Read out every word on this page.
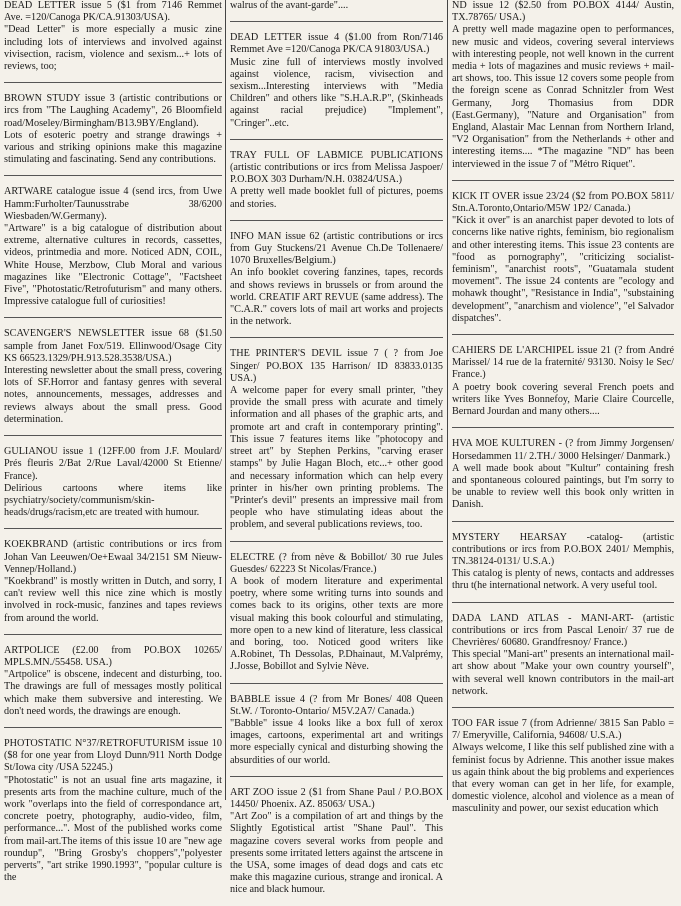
DEAD LETTER issue 5 ($1 from 7146 Remmet Ave. =120/Canoga PK/CA.91303/USA).
"Dead Letter" is more especially a music zine including lots of interviews and involved against vivisection, racism, violence and sexism...+ lots of reviews, too;
BROWN STUDY issue 3 (artistic contributions or ircs from "The Laughing Academy", 26 Bloomfield road/Moseley/Birmingham/B13.9BY/England).
Lots of esoteric poetry and strange drawings + various and striking opinions make this magazine stimulating and fascinating. Send any contributions.
ARTWARE catalogue issue 4 (send ircs, from Uwe Hamm:Furholter/Taunusstrabe 38/6200 Wiesbaden/W.Germany).
"Artware" is a big catalogue of distribution about extreme, alternative cultures in records, cassettes, videos, printmedia and more. Noticed ADN, COIL, White House, Merzbow, Club Moral and various magazines like "Electronic Cottage", "Factsheet Five", "Photostatic/Retrofuturism" and many others. Impressive catalogue full of curiosities!
SCAVENGER'S NEWSLETTER issue 68 ($1.50 sample from Janet Fox/519. Ellinwood/Osage City KS 66523.1329/PH.913.528.3538/USA.)
Interesting newsletter about the small press, covering lots of SF.Horror and fantasy genres with several notes, announcements, messages, addresses and reviews always about the small press. Good determination.
GULIANOU issue 1 (12FF.00 from J.F. Moulard/ Prés fleuris 2/Bat 2/Rue Laval/42000 St Etienne/ France).
Delirious cartoons where items like psychiatry/society/communism/skin-heads/drugs/racism,etc are treated with humour.
KOEKBRAND (artistic contributions or ircs from Johan Van Leeuwen/Oe+Ewaal 34/2151 SM Nieuw-Vennep/Holland.)
"Koekbrand" is mostly written in Dutch, and sorry, I can't review well this nice zine which is mostly involved in rock-music, fanzines and tapes reviews from around the world.
ARTPOLICE (£2.00 from PO.BOX 10265/ MPLS.MN./55458. USA.)
"Artpolice" is obscene, indecent and disturbing, too. The drawings are full of messages mostly political which make them subversive and interesting. We don't need words, the drawings are enough.
PHOTOSTATIC N°37/RETROFUTURISM issue 10 ($8 for one year from Lloyd Dunn/911 North Dodge St/Iowa city /USA 52245.)
"Photostatic" is not an usual fine arts magazine, it presents arts from the machine culture, much of the work "overlaps into the field of correspondance art, concrete poetry, photography, audio-video, film, performance...". Most of the published works come from mail-art.The items of this issue 10 are "new age roundup", "Bring Grosby's choppers","polyester perverts", "art strike 1990.1993", "popular culture is the
walrus of the avant-garde"....
DEAD LETTER issue 4 ($1.00 from Ron/7146 Remmet Ave =120/Canoga PK/CA 91803/USA.)
Music zine full of interviews mostly involved against violence, racism, vivisection and sexism...Interesting interviews with "Media Children" and others like "S.H.A.R.P", (Skinheads against racial prejudice) "Implement", "Cringer"..etc.
TRAY FULL OF LABMICE PUBLICATIONS (artistic contributions or ircs from Melissa Jaspoer/ P.O.BOX 303 Durham/N.H. 03824/USA.)
A pretty well made booklet full of pictures, poems and stories.
INFO MAN issue 62 (artistic contributions or ircs from Guy Stuckens/21 Avenue Ch.De Tollenaere/ 1070 Bruxelles/Belgium.)
An info booklet covering fanzines, tapes, records and shows reviews in brussels or from around the world. CREATIF ART REVUE (same address). The "C.A.R." covers lots of mail art works and projects in the network.
THE PRINTER'S DEVIL issue 7 ( ? from Joe Singer/ PO.BOX 135 Harrison/ ID 83833.0135 USA.)
A welcome paper for every small printer, "they provide the small press with acurate and timely information and all phases of the graphic arts, and promote art and craft in contemporary printing". This issue 7 features items like "photocopy and street art" by Stephen Perkins, "carving eraser stamps" by Julie Hagan Bloch, etc...+ other good and necessary information which can help every printer in his/her own printing problems. The "Printer's devil" presents an impressive mail from people who have stimulating ideas about the problem, and several publications reviews, too.
ELECTRE (? from nève & Bobillot/ 30 rue Jules Guesdes/ 62223 St Nicolas/France.)
A book of modern literature and experimental poetry, where some writing turns into sounds and comes back to its origins, other texts are more visual making this book colourful and stimulating, more open to a new kind of literature, less classical and boring, too. Noticed good writers like A.Robinet, Th Dessolas, P.Dhainaut, M.Valprémy, J.Josse, Bobillot and Sylvie Nève.
BABBLE issue 4 (? from Mr Bones/ 408 Queen St.W. / Toronto-Ontario/ M5V.2A7/ Canada.)
"Babble" issue 4 looks like a box full of xerox images, cartoons, experimental art and writings more especially cynical and disturbing showing the absurdities of our world.
ART ZOO issue 2 ($1 from Shane Paul / P.O.BOX 14450/ Phoenix. AZ. 85063/ USA.)
"Art Zoo" is a compilation of art and things by the Slightly Egotistical artist "Shane Paul". This magazine covers several works from people and presents some irritated letters against the artscene in the USA, some images of dead dogs and cats etc make this magazine curious, strange and ironical. A nice and black humour.
ND issue 12 ($2.50 from PO.BOX 4144/ Austin, TX.78765/ USA.)
A pretty well made magazine open to performances, new music and videos, covering several interviews with interesting people, not well known in the current media + lots of magazines and music reviews + mail-art shows, too. This issue 12 covers some people from the foreign scene as Conrad Schnitzler from West Germany, Jorg Thomasius from DDR (East.Germany), "Nature and Organisation" from England, Alastair Mac Lennan from Northern Irland, "V2 Organisation" from the Netherlands + other and interesting items.... *The magazine "ND" has been interviewed in the issue 7 of "Métro Riquet".
KICK IT OVER issue 23/24 ($2 from PO.BOX 5811/ Stn.A.Toronto,Ontario/M5W 1P2/ Canada.)
"Kick it over" is an anarchist paper devoted to lots of concerns like native rights, feminism, bio regionalism and other interesting items. This issue 23 contents are "food as pornography", "criticizing socialist-feminism", "anarchist roots", "Guatamala student movement". The issue 24 contents are "ecology and mohawk thought", "Resistance in India", "substaining development", "anarchism and violence", "el Salvador dispatches".
CAHIERS DE L'ARCHIPEL issue 21 (? from André Marissel/ 14 rue de la fraternité/ 93130. Noisy le Sec/ France.)
A poetry book covering several French poets and writers like Yves Bonnefoy, Marie Claire Courcelle, Bernard Jourdan and many others....
HVA MOE KULTUREN - (? from Jimmy Jorgensen/ Horsedammen 11/ 2.TH./ 3000 Helsinger/ Danmark.)
A well made book about "Kultur" containing fresh and spontaneous coloured paintings, but I'm sorry to be unable to review well this book only written in Danish.
MYSTERY HEARSAY -catalog- (artistic contributions or ircs from P.O.BOX 2401/ Memphis, TN.38124-0131/ U.S.A.)
This catalog is plenty of news, contacts and addresses thru t(he international network. A very useful tool.
DADA LAND ATLAS - MANI-ART- (artistic contributions or ircs from Pascal Lenoir/ 37 rue de Chevrières/ 60680. Grandfresnoy/ France.)
This special "Mani-art" presents an international mail-art show about "Make your own country yourself", with several well known contributors in the mail-art network.
TOO FAR issue 7 (from Adrienne/ 3815 San Pablo = 7/ Emeryville, California, 94608/ U.S.A.)
Always welcome, I like this self published zine with a feminist focus by Adrienne. This another issue makes us again think about the big problems and experiences that every woman can get in her life, for example, domestic violence, alcohol and violence as a mean of masculinity and power, our sexist education which
